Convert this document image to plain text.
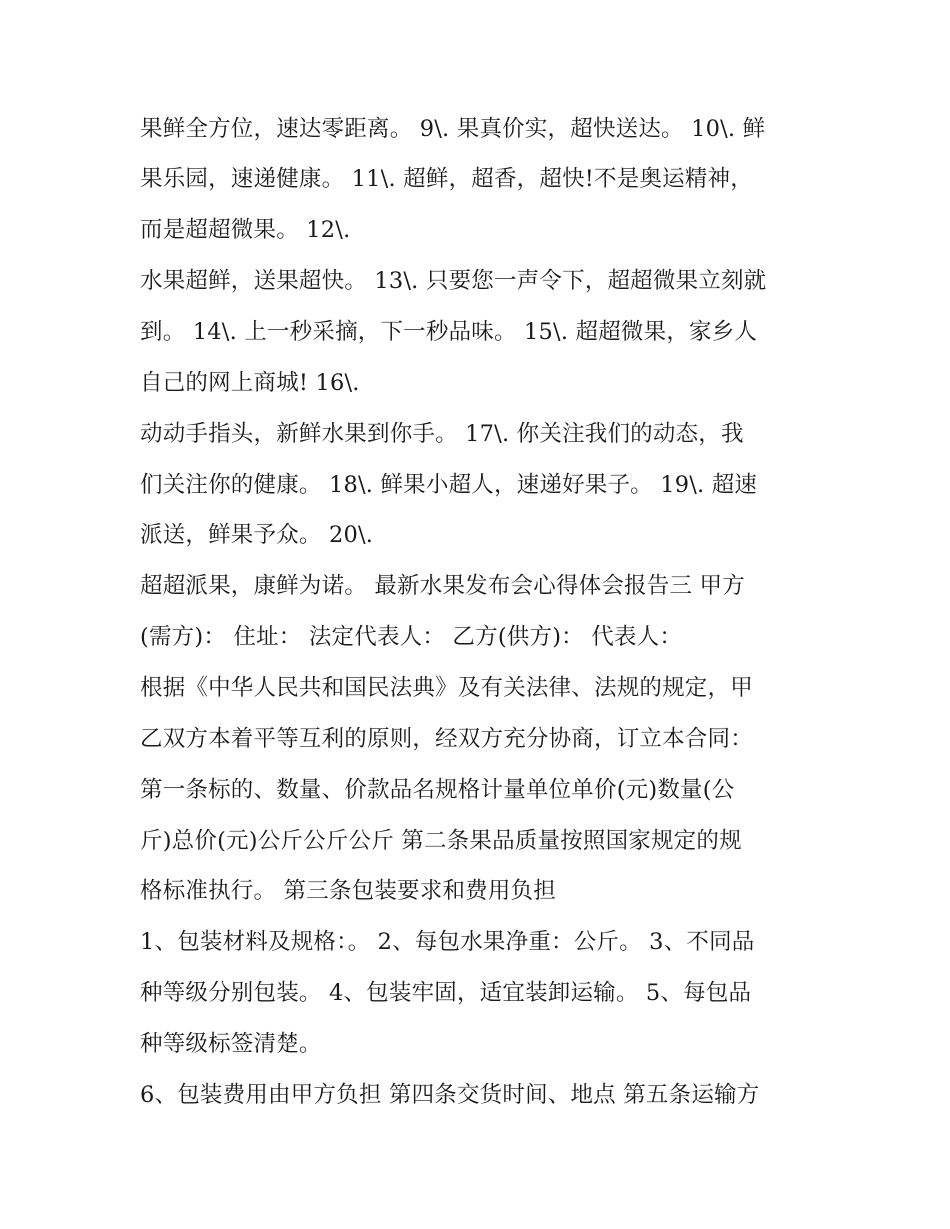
果鲜全方位，速达零距离。 9\. 果真价实，超快送达。 10\. 鲜
果乐园，速递健康。 11\. 超鲜，超香，超快!不是奥运精神，
而是超超微果。 12\.
水果超鲜，送果超快。 13\. 只要您一声令下，超超微果立刻就
到。 14\. 上一秒采摘，下一秒品味。 15\. 超超微果，家乡人
自己的网上商城! 16\.
动动手指头，新鲜水果到你手。 17\. 你关注我们的动态，我
们关注你的健康。 18\. 鲜果小超人，速递好果子。 19\. 超速
派送，鲜果予众。 20\.
超超派果，康鲜为诺。 最新水果发布会心得体会报告三 甲方
(需方)： 住址： 法定代表人： 乙方(供方)： 代表人：
根据《中华人民共和国民法典》及有关法律、法规的规定，甲
乙双方本着平等互利的原则，经双方充分协商，订立本合同：
第一条标的、数量、价款品名规格计量单位单价(元)数量(公
斤)总价(元)公斤公斤公斤 第二条果品质量按照国家规定的规
格标准执行。 第三条包装要求和费用负担
1、包装材料及规格：。 2、每包水果净重：公斤。 3、不同品
种等级分别包装。 4、包装牢固，适宜装卸运输。 5、每包品
种等级标签清楚。
6、包装费用由甲方负担 第四条交货时间、地点 第五条运输方
